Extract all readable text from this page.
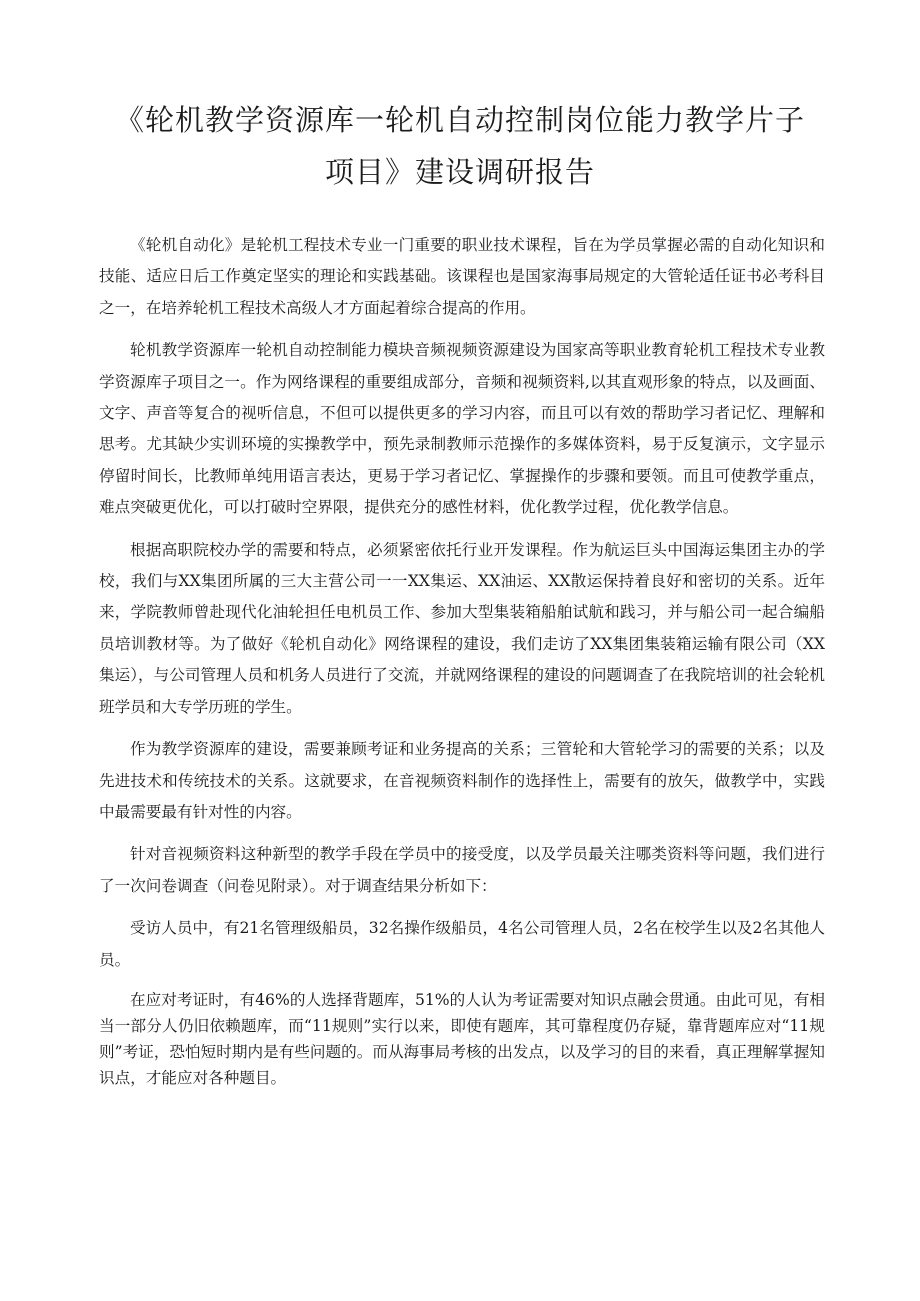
《轮机教学资源库一轮机自动控制岗位能力教学片子
项目》建设调研报告

《轮机自动化》是轮机工程技术专业一门重要的职业技术课程，旨在为学员掌握必需的自动化知识和技能、适应日后工作奠定坚实的理论和实践基础。该课程也是国家海事局规定的大管轮适任证书必考科目之一，在培养轮机工程技术高级人才方面起着综合提高的作用。

轮机教学资源库一轮机自动控制能力模块音频视频资源建设为国家高等职业教育轮机工程技术专业教学资源库子项目之一。作为网络课程的重要组成部分，音频和视频资料,以其直观形象的特点，以及画面、文字、声音等复合的视听信息，不但可以提供更多的学习内容，而且可以有效的帮助学习者记忆、理解和思考。尤其缺少实训环境的实操教学中，预先录制教师示范操作的多媒体资料，易于反复演示，文字显示停留时间长，比教师单纯用语言表达，更易于学习者记忆、掌握操作的步骤和要领。而且可使教学重点，难点突破更优化，可以打破时空界限，提供充分的感性材料，优化教学过程，优化教学信息。

根据高职院校办学的需要和特点，必须紧密依托行业开发课程。作为航运巨头中国海运集团主办的学校，我们与XX集团所属的三大主营公司一一XX集运、XX油运、XX散运保持着良好和密切的关系。近年来，学院教师曾赴现代化油轮担任电机员工作、参加大型集装箱船舶试航和践习，并与船公司一起合编船员培训教材等。为了做好《轮机自动化》网络课程的建设，我们走访了XX集团集装箱运输有限公司（XX集运），与公司管理人员和机务人员进行了交流，并就网络课程的建设的问题调查了在我院培训的社会轮机班学员和大专学历班的学生。

作为教学资源库的建设，需要兼顾考证和业务提高的关系；三管轮和大管轮学习的需要的关系；以及先进技术和传统技术的关系。这就要求，在音视频资料制作的选择性上，需要有的放矢，做教学中，实践中最需要最有针对性的内容。

针对音视频资料这种新型的教学手段在学员中的接受度，以及学员最关注哪类资料等问题，我们进行了一次问卷调查（问卷见附录）。对于调查结果分析如下：

受访人员中，有21名管理级船员，32名操作级船员，4名公司管理人员，2名在校学生以及2名其他人员。

在应对考证时，有46%的人选择背题库，51%的人认为考证需要对知识点融会贯通。由此可见，有相当一部分人仍旧依赖题库，而“11规则”实行以来，即使有题库，其可靠程度仍存疑，靠背题库应对“11规则”考证，恐怕短时期内是有些问题的。而从海事局考核的出发点，以及学习的目的来看，真正理解掌握知识点，才能应对各种题目。
